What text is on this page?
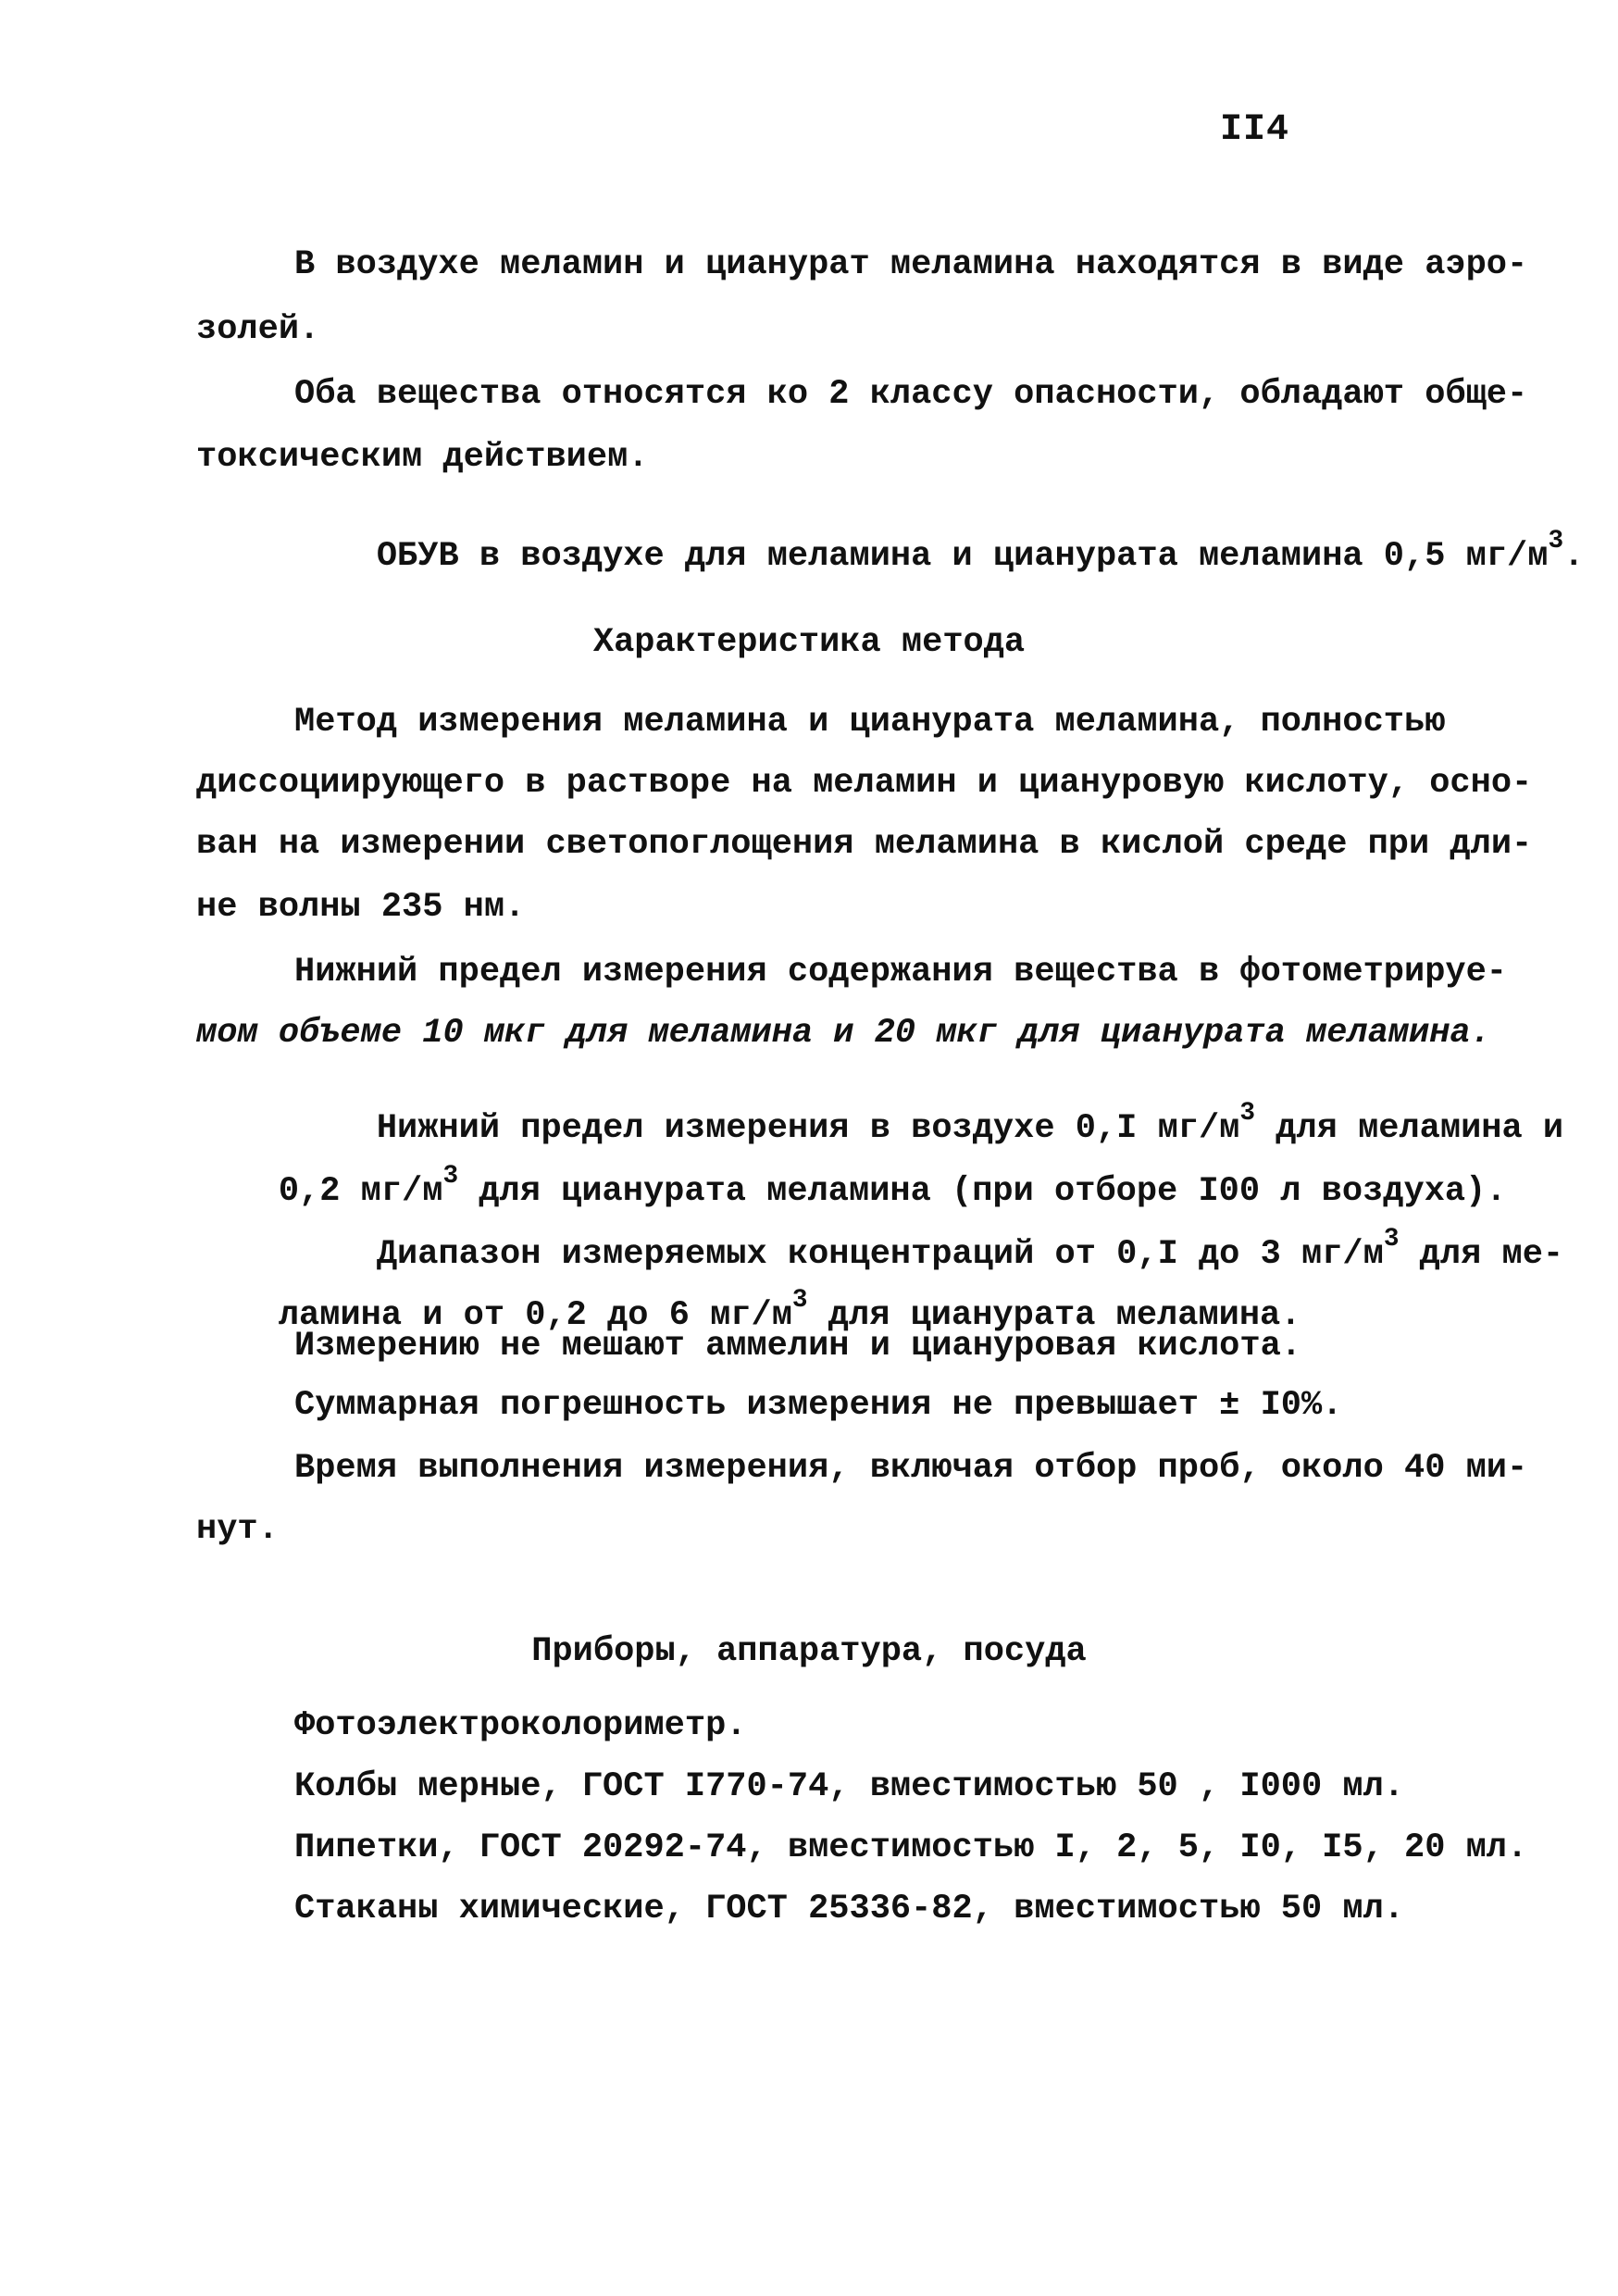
II4
В воздухе меламин и циануpат меламина находятся в виде аэро-
золей.
Оба вещества относятся ко 2 классу опасности, обладают обще-
токсическим действием.

ОБУВ в воздухе для меламина и циануpата меламина 0,5 $мг/м^3$.

Характеристика метода
Метод измерения меламина и циануpата меламина, полностью
диссоциирующего в растворе на меламин и циануровую кислоту, осно-
ван на измерении светопоглощения меламина в кислой среде при дли-
не волны 235 нм.
Нижний предел измерения содержания вещества в фотометрируе-
мом объеме 10 мкг для меламина и 20 мкг для циануpата меламина.

Нижний предел измерения в воздухе 0,I $мг/м^3$ для меламина и

0,2 $мг/м^3$ для циануpата меламина (при отборе I00 л воздуха).

Диапазон измеряемых концентраций от 0,I до 3 $мг/м^3$ для ме-

ламина и от 0,2 до 6 $мг/м^3$ для циануpата меламина.

Измерению не мешают аммелин и циануровая кислота.
Суммарная погрешность измерения не превышает ± I0%.
Время выполнения измерения, включая отбор проб, около 40 ми-
нут.
Приборы, аппаратура, посуда
Фотоэлектроколориметр.
Колбы мерные, ГОСТ I770-74, вместимостью 50 , I000 мл.
Пипетки, ГОСТ 20292-74, вместимостью I, 2, 5, I0, I5, 20 мл.
Стаканы химические, ГОСТ 25336-82, вместимостью 50 мл.
